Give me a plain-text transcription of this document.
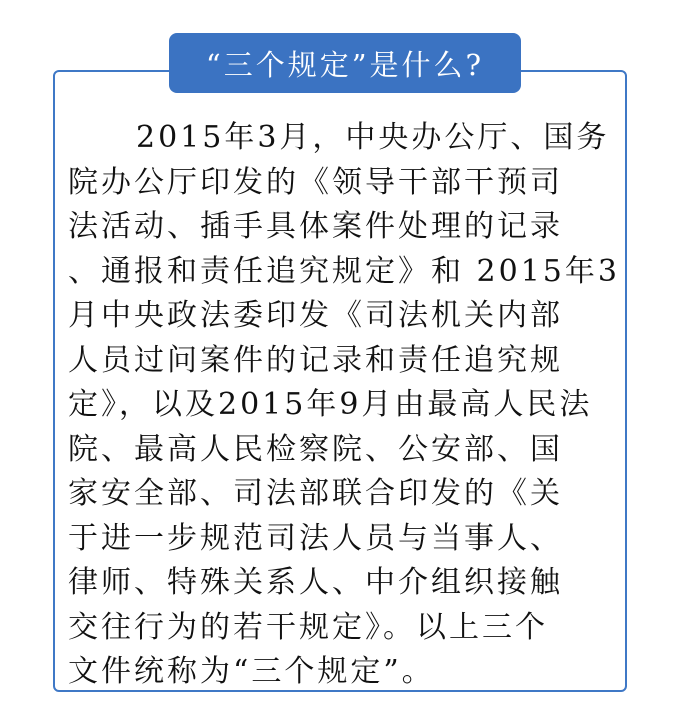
“三个规定”是什么?
2015年3月，中央办公厅、国务
院办公厅印发的《领导干部干预司
法活动、插手具体案件处理的记录
、通报和责任追究规定》和 2015年3
月中央政法委印发《司法机关内部
人员过问案件的记录和责任追究规
定》，以及2015年9月由最高人民法
院、最高人民检察院、公安部、国
家安全部、司法部联合印发的《关
于进一步规范司法人员与当事人、
律师、特殊关系人、中介组织接触
交往行为的若干规定》。以上三个
文件统称为“三个规定”。
